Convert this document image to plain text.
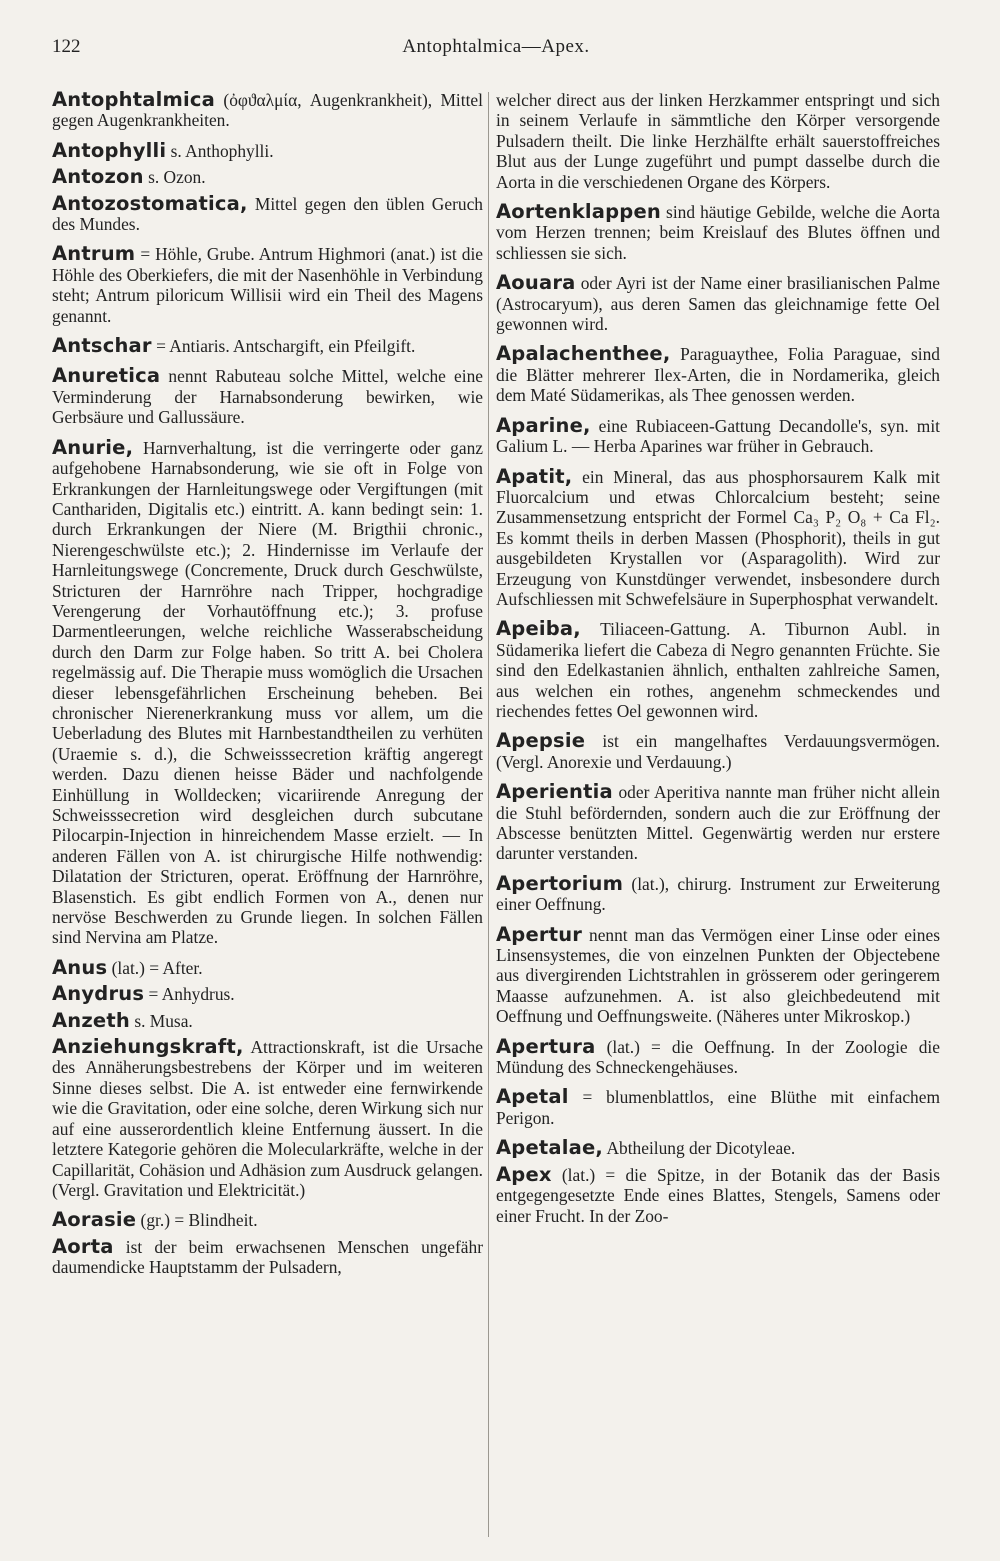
122	Antophtalmica—Apex.

Antophtalmica (ὀφϑαλμία, Augenkrankheit), Mittel gegen Augenkrankheiten.

Antophylli s. Anthophylli.

Antozon s. Ozon.

Antozostomatica, Mittel gegen den üblen Geruch des Mundes.

Antrum = Höhle, Grube. Antrum Highmori (anat.) ist die Höhle des Oberkiefers, die mit der Nasenhöhle in Verbindung steht; Antrum piloricum Willisii wird ein Theil des Magens genannt.

Antschar = Antiaris. Antschargift, ein Pfeilgift.

Anuretica nennt Rabuteau solche Mittel, welche eine Verminderung der Harnabsonderung bewirken, wie Gerbsäure und Gallussäure.

Anurie, Harnverhaltung, ist die verringerte oder ganz aufgehobene Harnabsonderung, wie sie oft in Folge von Erkrankungen der Harnleitungswege oder Vergiftungen (mit Canthariden, Digitalis etc.) eintritt. A. kann bedingt sein: 1. durch Erkrankungen der Niere (M. Brigthii chronic., Nierengeschwülste etc.); 2. Hindernisse im Verlaufe der Harnleitungswege (Concremente, Druck durch Geschwülste, Stricturen der Harnröhre nach Tripper, hochgradige Verengerung der Vorhautöffnung etc.); 3. profuse Darmentleerungen, welche reichliche Wasserabscheidung durch den Darm zur Folge haben. So tritt A. bei Cholera regelmässig auf. Die Therapie muss womöglich die Ursachen dieser lebensgefährlichen Erscheinung beheben. Bei chronischer Nierenerkrankung muss vor allem, um die Ueberladung des Blutes mit Harnbestandtheilen zu verhüten (Uraemie s. d.), die Schweisssecretion kräftig angeregt werden. Dazu dienen heisse Bäder und nachfolgende Einhüllung in Wolldecken; vicariirende Anregung der Schweisssecretion wird desgleichen durch subcutane Pilocarpin-Injection in hinreichendem Masse erzielt. — In anderen Fällen von A. ist chirurgische Hilfe nothwendig: Dilatation der Stricturen, operat. Eröffnung der Harnröhre, Blasenstich. Es gibt endlich Formen von A., denen nur nervöse Beschwerden zu Grunde liegen. In solchen Fällen sind Nervina am Platze.

Anus (lat.) = After.

Anydrus = Anhydrus.

Anzeth s. Musa.

Anziehungskraft, Attractionskraft, ist die Ursache des Annäherungsbestrebens der Körper und im weiteren Sinne dieses selbst. Die A. ist entweder eine fernwirkende wie die Gravitation, oder eine solche, deren Wirkung sich nur auf eine ausserordentlich kleine Entfernung äussert. In die letztere Kategorie gehören die Molecularkräfte, welche in der Capillarität, Cohäsion und Adhäsion zum Ausdruck gelangen. (Vergl. Gravitation und Elektricität.)

Aorasie (gr.) = Blindheit.

Aorta ist der beim erwachsenen Menschen ungefähr daumendicke Hauptstamm der Pulsadern,

welcher direct aus der linken Herzkammer entspringt und sich in seinem Verlaufe in sämmtliche den Körper versorgende Pulsadern theilt. Die linke Herzhälfte erhält sauerstoffreiches Blut aus der Lunge zugeführt und pumpt dasselbe durch die Aorta in die verschiedenen Organe des Körpers.

Aortenklappen sind häutige Gebilde, welche die Aorta vom Herzen trennen; beim Kreislauf des Blutes öffnen und schliessen sie sich.

Aouara oder Ayri ist der Name einer brasilianischen Palme (Astrocaryum), aus deren Samen das gleichnamige fette Oel gewonnen wird.

Apalachenthee, Paraguaythee, Folia Paraguae, sind die Blätter mehrerer Ilex-Arten, die in Nordamerika, gleich dem Maté Südamerikas, als Thee genossen werden.

Aparine, eine Rubiaceen-Gattung Decandolle's, syn. mit Galium L. — Herba Aparines war früher in Gebrauch.

Apatit, ein Mineral, das aus phosphorsaurem Kalk mit Fluorcalcium und etwas Chlorcalcium besteht; seine Zusammensetzung entspricht der Formel Ca₃ P₂ O₈ + Ca Fl₂. Es kommt theils in derben Massen (Phosphorit), theils in gut ausgebildeten Krystallen vor (Asparagolith). Wird zur Erzeugung von Kunstdünger verwendet, insbesondere durch Aufschliessen mit Schwefelsäure in Superphosphat verwandelt.

Apeiba, Tiliaceen-Gattung. A. Tiburnon Aubl. in Südamerika liefert die Cabeza di Negro genannten Früchte. Sie sind den Edelkastanien ähnlich, enthalten zahlreiche Samen, aus welchen ein rothes, angenehm schmeckendes und riechendes fettes Oel gewonnen wird.

Apepsie ist ein mangelhaftes Verdauungsvermögen. (Vergl. Anorexie und Verdauung.)

Aperientia oder Aperitiva nannte man früher nicht allein die Stuhl befördernden, sondern auch die zur Eröffnung der Abscesse benützten Mittel. Gegenwärtig werden nur erstere darunter verstanden.

Apertorium (lat.), chirurg. Instrument zur Erweiterung einer Oeffnung.

Apertur nennt man das Vermögen einer Linse oder eines Linsensystemes, die von einzelnen Punkten der Objectebene aus divergirenden Lichtstrahlen in grösserem oder geringerem Maasse aufzunehmen. A. ist also gleichbedeutend mit Oeffnung und Oeffnungsweite. (Näheres unter Mikroskop.)

Apertura (lat.) = die Oeffnung. In der Zoologie die Mündung des Schneckengehäuses.

Apetal = blumenblattlos, eine Blüthe mit einfachem Perigon.

Apetalae, Abtheilung der Dicotyleae.

Apex (lat.) = die Spitze, in der Botanik das der Basis entgegengesetzte Ende eines Blattes, Stengels, Samens oder einer Frucht. In der Zoo-
